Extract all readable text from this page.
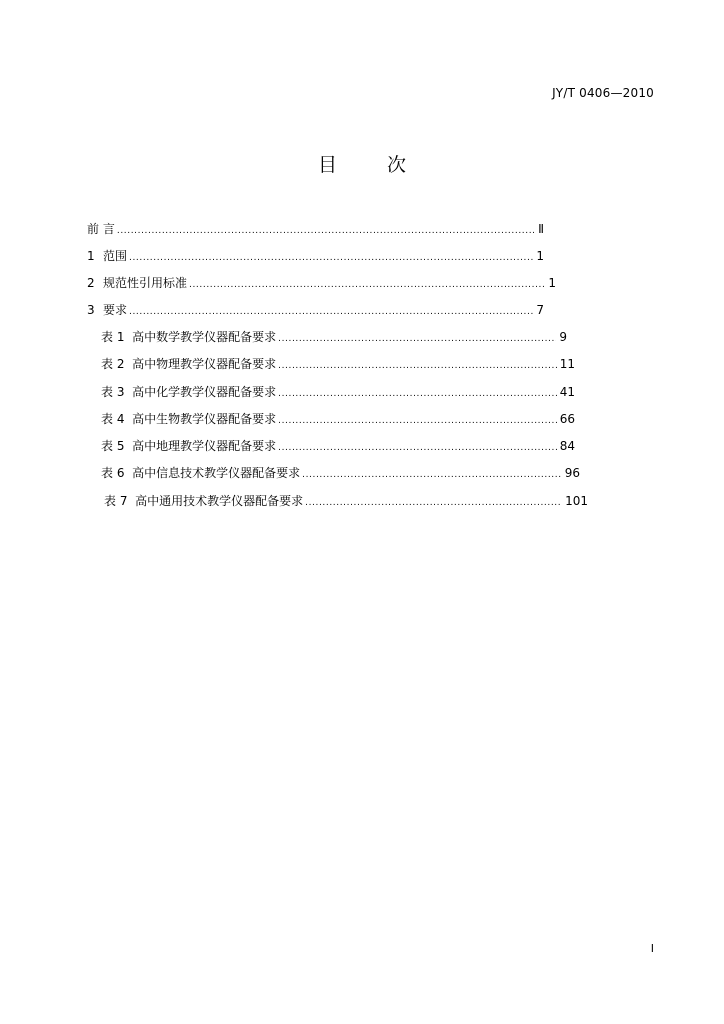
JY/T 0406—2010
目 次
前 言 .....	Ⅱ
1 范围 .....	1
2 规范性引用标准 .....	1
3 要求 .....	7
表 1 高中数学教学仪器配备要求 .....	9
表 2 高中物理教学仪器配备要求 .....	11
表 3 高中化学教学仪器配备要求 .....	41
表 4 高中生物教学仪器配备要求 .....	66
表 5 高中地理教学仪器配备要求 .....	84
表 6 高中信息技术教学仪器配备要求 .....	96
表 7 高中通用技术教学仪器配备要求 .....	101
I
